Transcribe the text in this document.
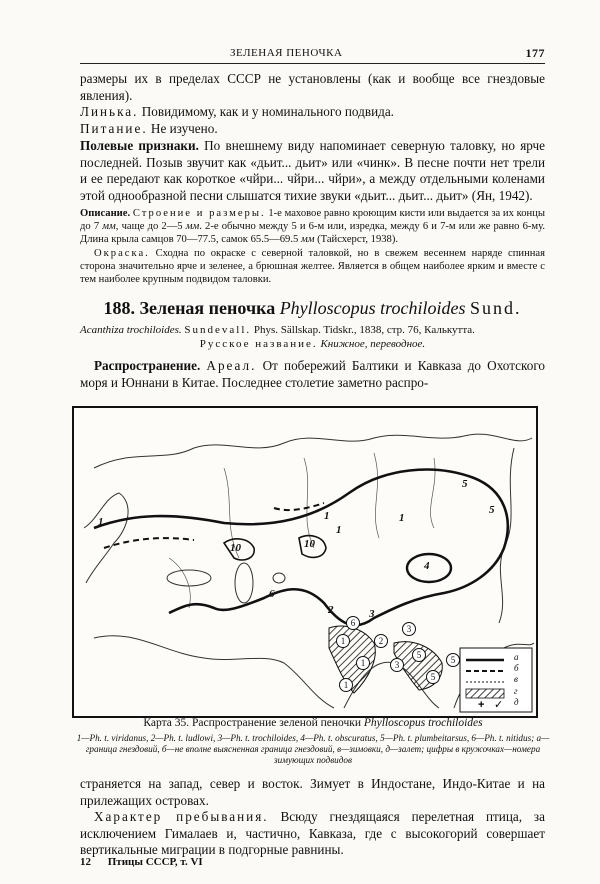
ЗЕЛЕНАЯ ПЕНОЧКА	177
размеры их в пределах СССР не установлены (как и вообще все гнездовые явления).
Линька. Повидимому, как и у номинального подвида.
Питание. Не изучено.
Полевые признаки. По внешнему виду напоминает северную таловку, но ярче последней. Позыв звучит как «дьит... дьит» или «чинк». В песне почти нет трели и ее передают как короткое «чйри... чйри... чйри», а между отдельными коленами этой однообразной песни слышатся тихие звуки «дьит... дьит... дьит» (Ян, 1942).
Описание. Строение и размеры. 1-е маховое равно кроющим кисти или выдается за их концы до 7 мм, чаще до 2—5 мм. 2-е обычно между 5 и 6-м или, изредка, между 6 и 7-м или же равно 6-му. Длина крыла самцов 70—77.5, самок 65.5—69.5 мм (Тайсхерст, 1938).
Окраска. Сходна по окраске с северной таловкой, но в свежем весеннем наряде спинная сторона значительно ярче и зеленее, а брюшная желтее. Является в общем наиболее ярким и вместе с тем наиболее крупным подвидом таловки.
188. Зеленая пеночка Phylloscopus trochiloides Sund.
Acanthiza trochiloides. Sundevall. Phys. Sällskap. Tidskr., 1838, стр. 76, Калькутта.
Русское название. Книжное, переводное.
Распространение. Ареал. От побережий Балтики и Кавказа до Охотского моря и Юннани в Китае. Последнее столетие заметно распро-
+ ✓
а
б
в
г
д
1	1
1
1
2	3
4
5
5
6
10	10
1
1
1
3
5
5
5
6
2
3
Карта 35. Распространение зеленой пеночки Phylloscopus trochiloides
1—Ph. t. viridanus, 2—Ph. t. ludlowi, 3—Ph. t. trochiloides, 4—Ph. t. obscuratus, 5—Ph. t. plumbeitarsus, 6—Ph. t. nitidus; а—граница гнездовий, б—не вполне выясненная граница гнездовий, в—зимовки, д—залет; цифры в кружочках—номера зимующих подвидов
страняется на запад, север и восток. Зимует в Индостане, Индо-Китае и на прилежащих островах.
Характер пребывания. Всюду гнездящаяся перелетная птица, за исключением Гималаев и, частично, Кавказа, где с высокогорий совершает вертикальные миграции в подгорные равнины.
12 Птицы СССР, т. VI
